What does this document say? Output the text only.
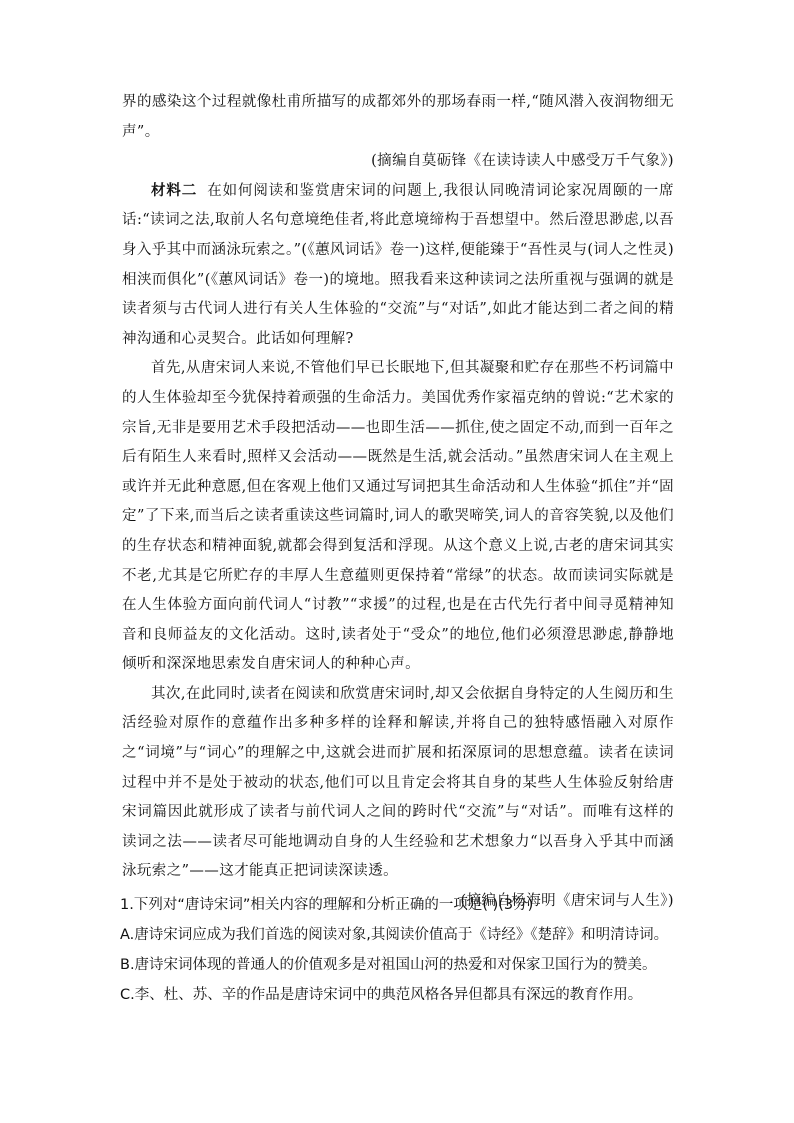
界的感染这个过程就像杜甫所描写的成都郊外的那场春雨一样,“随风潜入夜润物细无声”。

(摘编自莫砺锋《在读诗读人中感受万千气象》)

材料二 在如何阅读和鉴赏唐宋词的问题上,我很认同晚清词论家况周颐的一席话:“读词之法,取前人名句意境绝佳者,将此意境缔构于吾想望中。然后澄思渺虑,以吾身入乎其中而涵泳玩索之。”(《蕙风词话》卷一)这样,便能臻于“吾性灵与(词人之性灵)相浃而俱化”(《蕙风词话》卷一)的境地。照我看来这种读词之法所重视与强调的就是读者须与古代词人进行有关人生体验的“交流”与“对话”,如此才能达到二者之间的精神沟通和心灵契合。此话如何理解?

首先,从唐宋词人来说,不管他们早已长眠地下,但其凝聚和贮存在那些不朽词篇中的人生体验却至今犹保持着顽强的生命活力。美国优秀作家福克纳的曾说:“艺术家的宗旨,无非是要用艺术手段把活动——也即生活——抓住,使之固定不动,而到一百年之后有陌生人来看时,照样又会活动——既然是生活,就会活动。”虽然唐宋词人在主观上或许并无此种意愿,但在客观上他们又通过写词把其生命活动和人生体验“抓住”并“固定”了下来,而当后之读者重读这些词篇时,词人的歌哭啼笑,词人的音容笑貌,以及他们的生存状态和精神面貌,就都会得到复活和浮现。从这个意义上说,古老的唐宋词其实不老,尤其是它所贮存的丰厚人生意蕴则更保持着“常绿”的状态。故而读词实际就是在人生体验方面向前代词人“讨教”“求援”的过程,也是在古代先行者中间寻觅精神知音和良师益友的文化活动。这时,读者处于“受众”的地位,他们必须澄思渺虑,静静地倾听和深深地思索发自唐宋词人的种种心声。

其次,在此同时,读者在阅读和欣赏唐宋词时,却又会依据自身特定的人生阅历和生活经验对原作的意蕴作出多种多样的诠释和解读,并将自己的独特感悟融入对原作之“词境”与“词心”的理解之中,这就会进而扩展和拓深原词的思想意蕴。读者在读词过程中并不是处于被动的状态,他们可以且肯定会将其自身的某些人生体验反射给唐宋词篇因此就形成了读者与前代词人之间的跨时代“交流”与“对话”。而唯有这样的读词之法——读者尽可能地调动自身的人生经验和艺术想象力“以吾身入乎其中而涵泳玩索之”——这才能真正把词读深读透。

(摘编自杨海明《唐宋词与人生》)

1.下列对“唐诗宋词”相关内容的理解和分析正确的一项是( )(3分)

A.唐诗宋词应成为我们首选的阅读对象,其阅读价值高于《诗经》《楚辞》和明清诗词。

B.唐诗宋词体现的普通人的价值观多是对祖国山河的热爱和对保家卫国行为的赞美。

C.李、杜、苏、辛的作品是唐诗宋词中的典范风格各异但都具有深远的教育作用。
